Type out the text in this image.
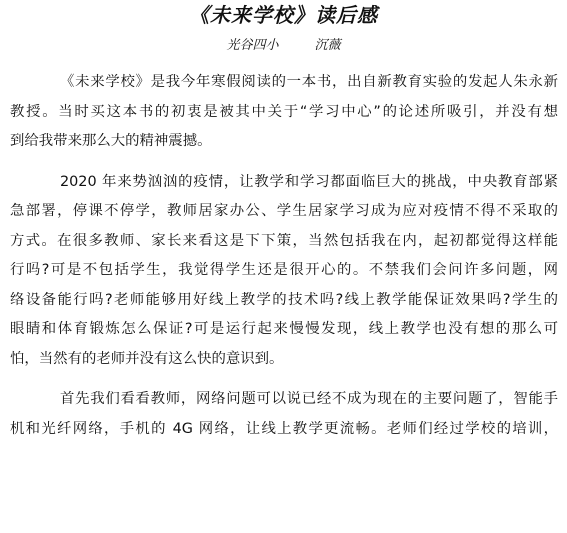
《未来学校》读后感
光谷四小	沉薇
《未来学校》是我今年寒假阅读的一本书，出自新教育实验的发起人朱永新
教授。当时买这本书的初衷是被其中关于“学习中心”的论述所吸引，并没有想
到给我带来那么大的精神震撼。
2020 年来势汹汹的疫情，让教学和学习都面临巨大的挑战，中央教育部紧
急部署，停课不停学，教师居家办公、学生居家学习成为应对疫情不得不采取的
方式。在很多教师、家长来看这是下下策，当然包括我在内，起初都觉得这样能
行吗?可是不包括学生，我觉得学生还是很开心的。不禁我们会问许多问题，网
络设备能行吗?老师能够用好线上教学的技术吗?线上教学能保证效果吗?学生的
眼睛和体育锻炼怎么保证?可是运行起来慢慢发现，线上教学也没有想的那么可
怕，当然有的老师并没有这么快的意识到。
首先我们看看教师，网络问题可以说已经不成为现在的主要问题了，智能手
机和光纤网络，手机的 4G 网络，让线上教学更流畅。老师们经过学校的培训，
